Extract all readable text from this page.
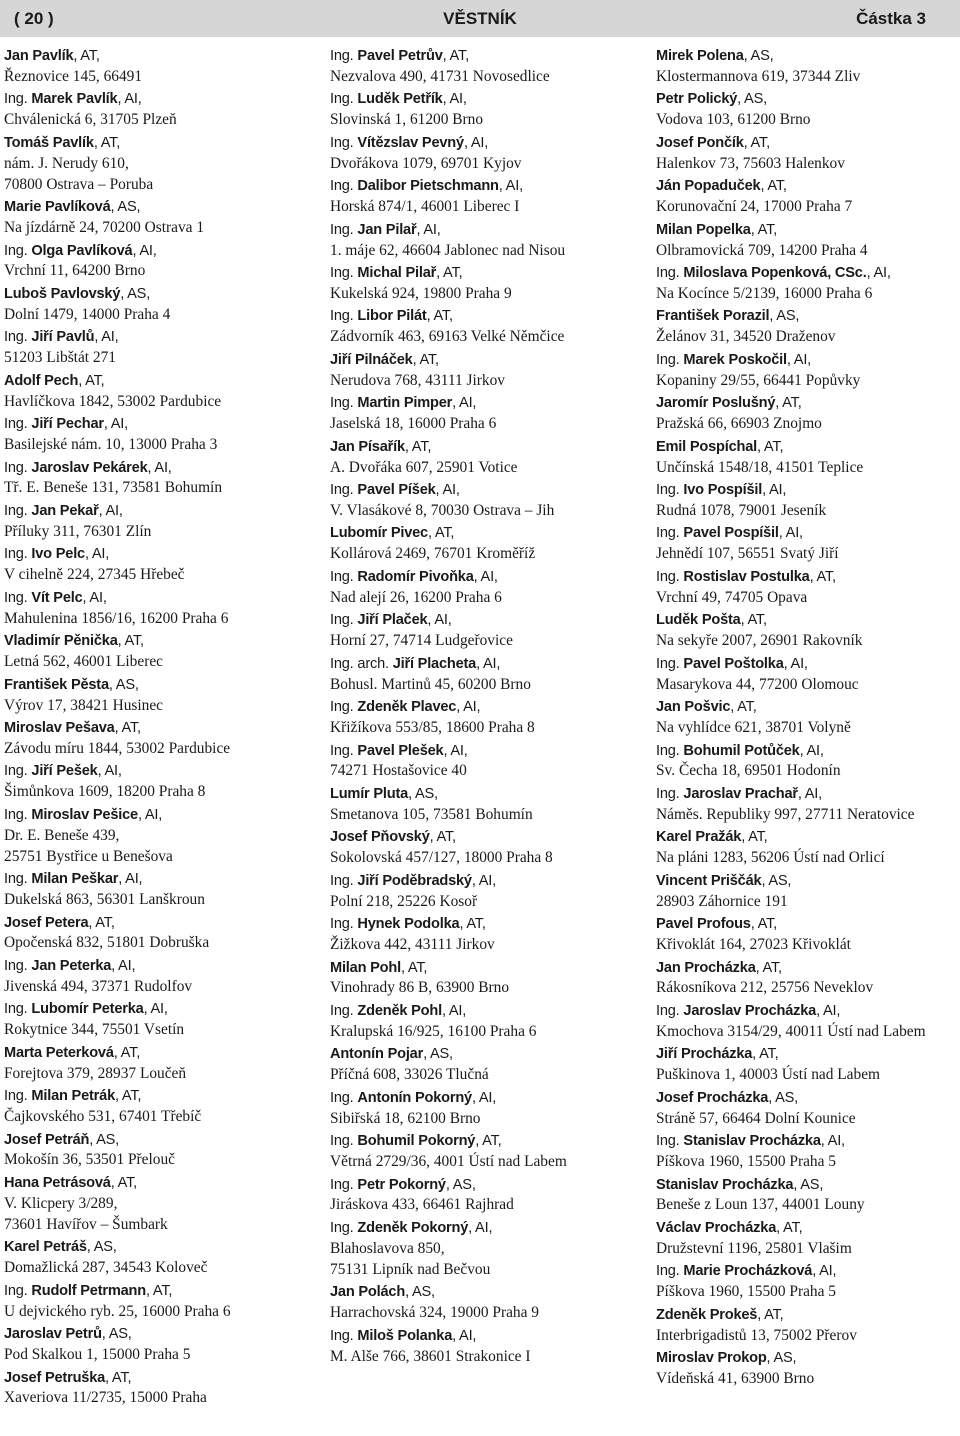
( 20 )	VĚSTNÍK	Částka 3
Jan Pavlík, AT,
Řeznovice 145, 66491
Ing. Marek Pavlík, AI,
Chválenická 6, 31705 Plzeň
Tomáš Pavlík, AT,
nám. J. Nerudy 610,
70800 Ostrava – Poruba
Marie Pavlíková, AS,
Na jízdárně 24, 70200 Ostrava 1
Ing. Olga Pavlíková, AI,
Vrchní 11, 64200 Brno
Luboš Pavlovský, AS,
Dolní 1479, 14000 Praha 4
Ing. Jiří Pavlů, AI,
51203 Libštát 271
Adolf Pech, AT,
Havlíčkova 1842, 53002 Pardubice
Ing. Jiří Pechar, AI,
Basilejské nám. 10, 13000 Praha 3
Ing. Jaroslav Pekárek, AI,
Tř. E. Beneše 131, 73581 Bohumín
Ing. Jan Pekař, AI,
Příluky 311, 76301 Zlín
Ing. Ivo Pelc, AI,
V cihelně 224, 27345 Hřebeč
Ing. Vít Pelc, AI,
Mahulenina 1856/16, 16200 Praha 6
Vladimír Pěnička, AT,
Letná 562, 46001 Liberec
František Pěsta, AS,
Výrov 17, 38421 Husinec
Miroslav Pešava, AT,
Závodu míru 1844, 53002 Pardubice
Ing. Jiří Pešek, AI,
Šimůnkova 1609, 18200 Praha 8
Ing. Miroslav Pešice, AI,
Dr. E. Beneše 439,
25751 Bystřice u Benešova
Ing. Milan Peškar, AI,
Dukelská 863, 56301 Lanškroun
Josef Petera, AT,
Opočenská 832, 51801 Dobruška
Ing. Jan Peterka, AI,
Jivenská 494, 37371 Rudolfov
Ing. Lubomír Peterka, AI,
Rokytnice 344, 75501 Vsetín
Marta Peterková, AT,
Forejtova 379, 28937 Loučeň
Ing. Milan Petrák, AT,
Čajkovského 531, 67401 Třebíč
Josef Petráň, AS,
Mokošín 36, 53501 Přelouč
Hana Petrásová, AT,
V. Klicpery 3/289,
73601 Havířov – Šumbark
Karel Petráš, AS,
Domažlická 287, 34543 Koloveč
Ing. Rudolf Petrmann, AT,
U dejvického ryb. 25, 16000 Praha 6
Jaroslav Petrů, AS,
Pod Skalkou 1, 15000 Praha 5
Josef Petruška, AT,
Xaveriova 11/2735, 15000 Praha
Ing. Pavel Petrův, AT,
Nezvalova 490, 41731 Novosedlice
Ing. Luděk Petřík, AI,
Slovinská 1, 61200 Brno
Ing. Vítězslav Pevný, AI,
Dvořákova 1079, 69701 Kyjov
Ing. Dalibor Pietschmann, AI,
Horská 874/1, 46001 Liberec I
Ing. Jan Pilař, AI,
1. máje 62, 46604 Jablonec nad Nisou
Ing. Michal Pilař, AT,
Kukelská 924, 19800 Praha 9
Ing. Libor Pilát, AT,
Zádvorník 463, 69163 Velké Němčice
Jiří Pilnáček, AT,
Nerudova 768, 43111 Jirkov
Ing. Martin Pimper, AI,
Jaselská 18, 16000 Praha 6
Jan Písařík, AT,
A. Dvořáka 607, 25901 Votice
Ing. Pavel Píšek, AI,
V. Vlasákové 8, 70030 Ostrava – Jih
Lubomír Pivec, AT,
Kollárová 2469, 76701 Kroměříž
Ing. Radomír Pivoňka, AI,
Nad alejí 26, 16200 Praha 6
Ing. Jiří Plaček, AI,
Horní 27, 74714 Ludgeřovice
Ing. arch. Jiří Placheta, AI,
Bohusl. Martinů 45, 60200 Brno
Ing. Zdeněk Plavec, AI,
Křižíkova 553/85, 18600 Praha 8
Ing. Pavel Plešek, AI,
74271 Hostašovice 40
Lumír Pluta, AS,
Smetanova 105, 73581 Bohumín
Josef Pňovský, AT,
Sokolovská 457/127, 18000 Praha 8
Ing. Jiří Poděbradský, AI,
Polní 218, 25226 Kosoř
Ing. Hynek Podolka, AT,
Žižkova 442, 43111 Jirkov
Milan Pohl, AT,
Vinohrady 86 B, 63900 Brno
Ing. Zdeněk Pohl, AI,
Kralupská 16/925, 16100 Praha 6
Antonín Pojar, AS,
Příčná 608, 33026 Tlučná
Ing. Antonín Pokorný, AI,
Sibiřská 18, 62100 Brno
Ing. Bohumil Pokorný, AT,
Větrná 2729/36, 4001 Ústí nad Labem
Ing. Petr Pokorný, AS,
Jiráskova 433, 66461 Rajhrad
Ing. Zdeněk Pokorný, AI,
Blahoslavova 850,
75131 Lipník nad Bečvou
Jan Polách, AS,
Harrachovská 324, 19000 Praha 9
Ing. Miloš Polanka, AI,
M. Alše 766, 38601 Strakonice I
Mirek Polena, AS,
Klostermannova 619, 37344 Zliv
Petr Polický, AS,
Vodova 103, 61200 Brno
Josef Pončík, AT,
Halenkov 73, 75603 Halenkov
Ján Popaduček, AT,
Korunovační 24, 17000 Praha 7
Milan Popelka, AT,
Olbramovická 709, 14200 Praha 4
Ing. Miloslava Popenková, CSc., AI,
Na Kocínce 5/2139, 16000 Praha 6
František Porazil, AS,
Želánov 31, 34520 Draženov
Ing. Marek Poskočil, AI,
Kopaniny 29/55, 66441 Popůvky
Jaromír Poslušný, AT,
Pražská 66, 66903 Znojmo
Emil Pospíchal, AT,
Unčínská 1548/18, 41501 Teplice
Ing. Ivo Pospíšil, AI,
Rudná 1078, 79001 Jeseník
Ing. Pavel Pospíšil, AI,
Jehnědí 107, 56551 Svatý Jiří
Ing. Rostislav Postulka, AT,
Vrchní 49, 74705 Opava
Luděk Pošta, AT,
Na sekyře 2007, 26901 Rakovník
Ing. Pavel Poštolka, AI,
Masarykova 44, 77200 Olomouc
Jan Pošvic, AT,
Na vyhlídce 621, 38701 Volyně
Ing. Bohumil Potůček, AI,
Sv. Čecha 18, 69501 Hodonín
Ing. Jaroslav Prachař, AI,
Náměs. Republiky 997, 27711 Neratovice
Karel Pražák, AT,
Na pláni 1283, 56206 Ústí nad Orlicí
Vincent Priščák, AS,
28903 Záhornice 191
Pavel Profous, AT,
Křivoklát 164, 27023 Křivoklát
Jan Procházka, AT,
Rákosníkova 212, 25756 Neveklov
Ing. Jaroslav Procházka, AI,
Kmochova 3154/29, 40011 Ústí nad Labem
Jiří Procházka, AT,
Puškinova 1, 40003 Ústí nad Labem
Josef Procházka, AS,
Stráně 57, 66464 Dolní Kounice
Ing. Stanislav Procházka, AI,
Píškova 1960, 15500 Praha 5
Stanislav Procházka, AS,
Beneše z Loun 137, 44001 Louny
Václav Procházka, AT,
Družstevní 1196, 25801 Vlašim
Ing. Marie Procházková, AI,
Píškova 1960, 15500 Praha 5
Zdeněk Prokeš, AT,
Interbrigadistů 13, 75002 Přerov
Miroslav Prokop, AS,
Vídeňská 41, 63900 Brno
